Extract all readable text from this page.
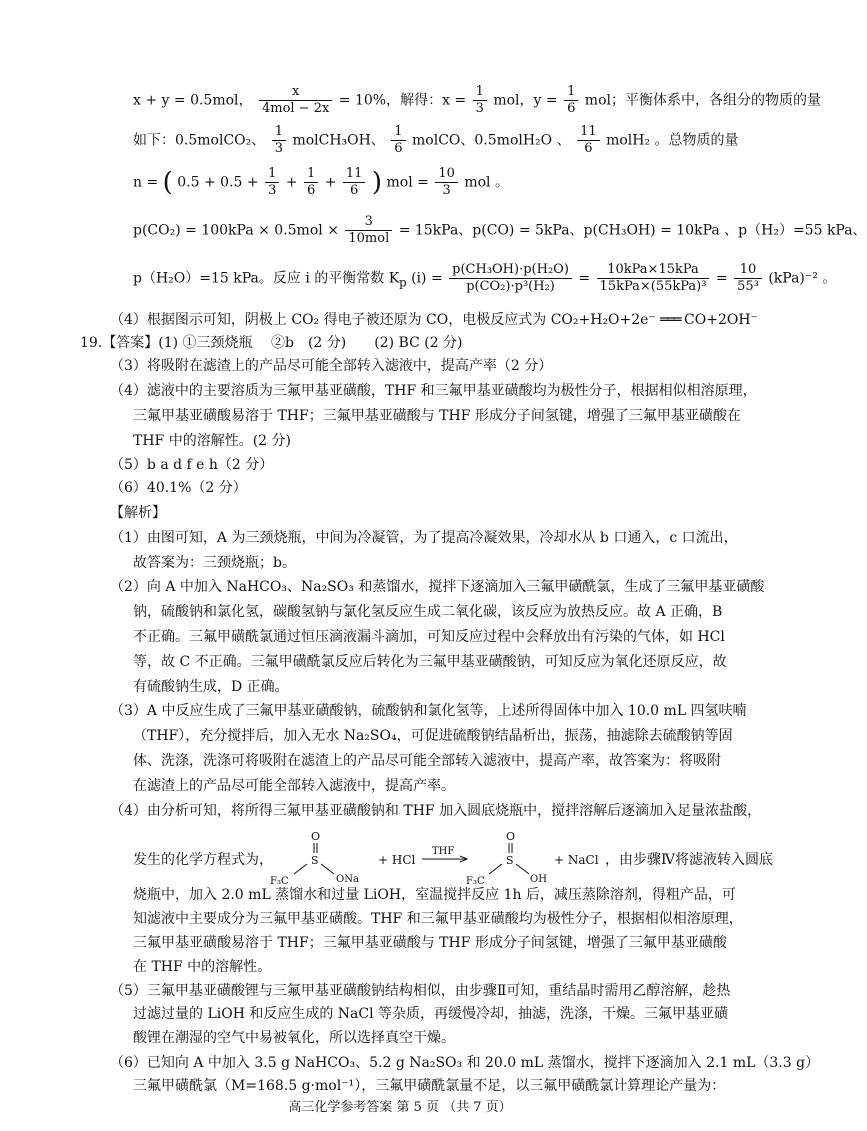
x + y = 0.5mol， $\frac{x}{\text{4mol − 2x}} = 10\%$，解得：$x = \frac{1}{3}$ mol，$y = \frac{1}{6}$ mol；平衡体系中，各组分的物质的量
如下：0.5molCO₂、 $\frac{1}{3}$ molCH₃OH、 $\frac{1}{6}$ molCO、0.5molH₂O 、 $\frac{11}{6}$ molH₂ 。总物质的量
n = ( $0.5 + 0.5 + \frac{1}{3} + \frac{1}{6} + \frac{11}{6}$ ) mol = $\frac{10}{3}$ mol 。
$p(CO_2) = 100kPa \times 0.5mol \times \frac{3}{\text{10mol}} = 15kPa$、p(CO) = 5kPa、p(CH₃OH) = 10kPa 、p（H₂）=55 kPa、
p（H₂O）=15 kPa。反应 i 的平衡常数 $K_p$ $(i) = \frac{\text{p(CH₃OH)·p(H₂O)}}{\text{p(CO₂)·p³(H₂)}} = \frac{\text{10kPa×15kPa}}{\text{15kPa×(55kPa)³}} = \frac{10}{\text{55³}} (kPa)^{-2}$ 。
（4）根据图示可知，阴极上 CO₂ 得电子被还原为 CO，电极反应式为 CO₂+H₂O+2e⁻ ═══ CO+2OH⁻
19.【答案】(1) ①三颈烧瓶　 ②b　(2 分)　　(2) BC (2 分)
（3）将吸附在滤渣上的产品尽可能全部转入滤液中，提高产率（2 分）
（4）滤液中的主要溶质为三氟甲基亚磺酸，THF 和三氟甲基亚磺酸均为极性分子，根据相似相溶原理，
三氟甲基亚磺酸易溶于 THF；三氟甲基亚磺酸与 THF 形成分子间氢键，增强了三氟甲基亚磺酸在
THF 中的溶解性。(2 分)
（5）b a d f e h（2 分）
（6）40.1%（2 分）
【解析】
（1）由图可知，A 为三颈烧瓶，中间为冷凝管，为了提高冷凝效果，冷却水从 b 口通入，c 口流出，
故答案为：三颈烧瓶；b。
（2）向 A 中加入 NaHCO₃、Na₂SO₃ 和蒸馏水，搅拌下逐滴加入三氟甲磺酰氯，生成了三氟甲基亚磺酸
钠，硫酸钠和氯化氢，碳酸氢钠与氯化氢反应生成二氧化碳，该反应为放热反应。故 A 正确，B
不正确。三氟甲磺酰氯通过恒压滴液漏斗滴加，可知反应过程中会释放出有污染的气体，如 HCl
等，故 C 不正确。三氟甲磺酰氯反应后转化为三氟甲基亚磺酸钠，可知反应为氧化还原反应，故
有硫酸钠生成，D 正确。
（3）A 中反应生成了三氟甲基亚磺酸钠，硫酸钠和氯化氢等，上述所得固体中加入 10.0 mL 四氢呋喃
（THF），充分搅拌后，加入无水 Na₂SO₄，可促进硫酸钠结晶析出，振荡，抽滤除去硫酸钠等固
体、洗涤，洗涤可将吸附在滤渣上的产品尽可能全部转入滤液中，提高产率，故答案为：将吸附
在滤渣上的产品尽可能全部转入滤液中，提高产率。
（4）由分析可知，将所得三氟甲基亚磺酸钠和 THF 加入圆底烧瓶中，搅拌溶解后逐滴加入足量浓盐酸，
发生的化学方程式为，
O
S
F₃C	ONa
+ HCl
THF
O
S
F₃C	OH
+ NaCl ，由步骤Ⅳ将滤液转入圆底
烧瓶中，加入 2.0 mL 蒸馏水和过量 LiOH，室温搅拌反应 1h 后，减压蒸除溶剂，得粗产品，可
知滤液中主要成分为三氟甲基亚磺酸。THF 和三氟甲基亚磺酸均为极性分子，根据相似相溶原理，
三氟甲基亚磺酸易溶于 THF；三氟甲基亚磺酸与 THF 形成分子间氢键，增强了三氟甲基亚磺酸
在 THF 中的溶解性。
（5）三氟甲基亚磺酸锂与三氟甲基亚磺酸钠结构相似，由步骤Ⅱ可知，重结晶时需用乙醇溶解，趁热
过滤过量的 LiOH 和反应生成的 NaCl 等杂质，再缓慢冷却，抽滤，洗涤，干燥。三氟甲基亚磺
酸锂在潮湿的空气中易被氧化，所以选择真空干燥。
（6）已知向 A 中加入 3.5 g NaHCO₃、5.2 g Na₂SO₃ 和 20.0 mL 蒸馏水，搅拌下逐滴加入 2.1 mL（3.3 g）
三氟甲磺酰氯（M=168.5 g·mol⁻¹），三氟甲磺酰氯量不足，以三氟甲磺酰氯计算理论产量为：
高三化学参考答案 第 5 页 （共 7 页）
